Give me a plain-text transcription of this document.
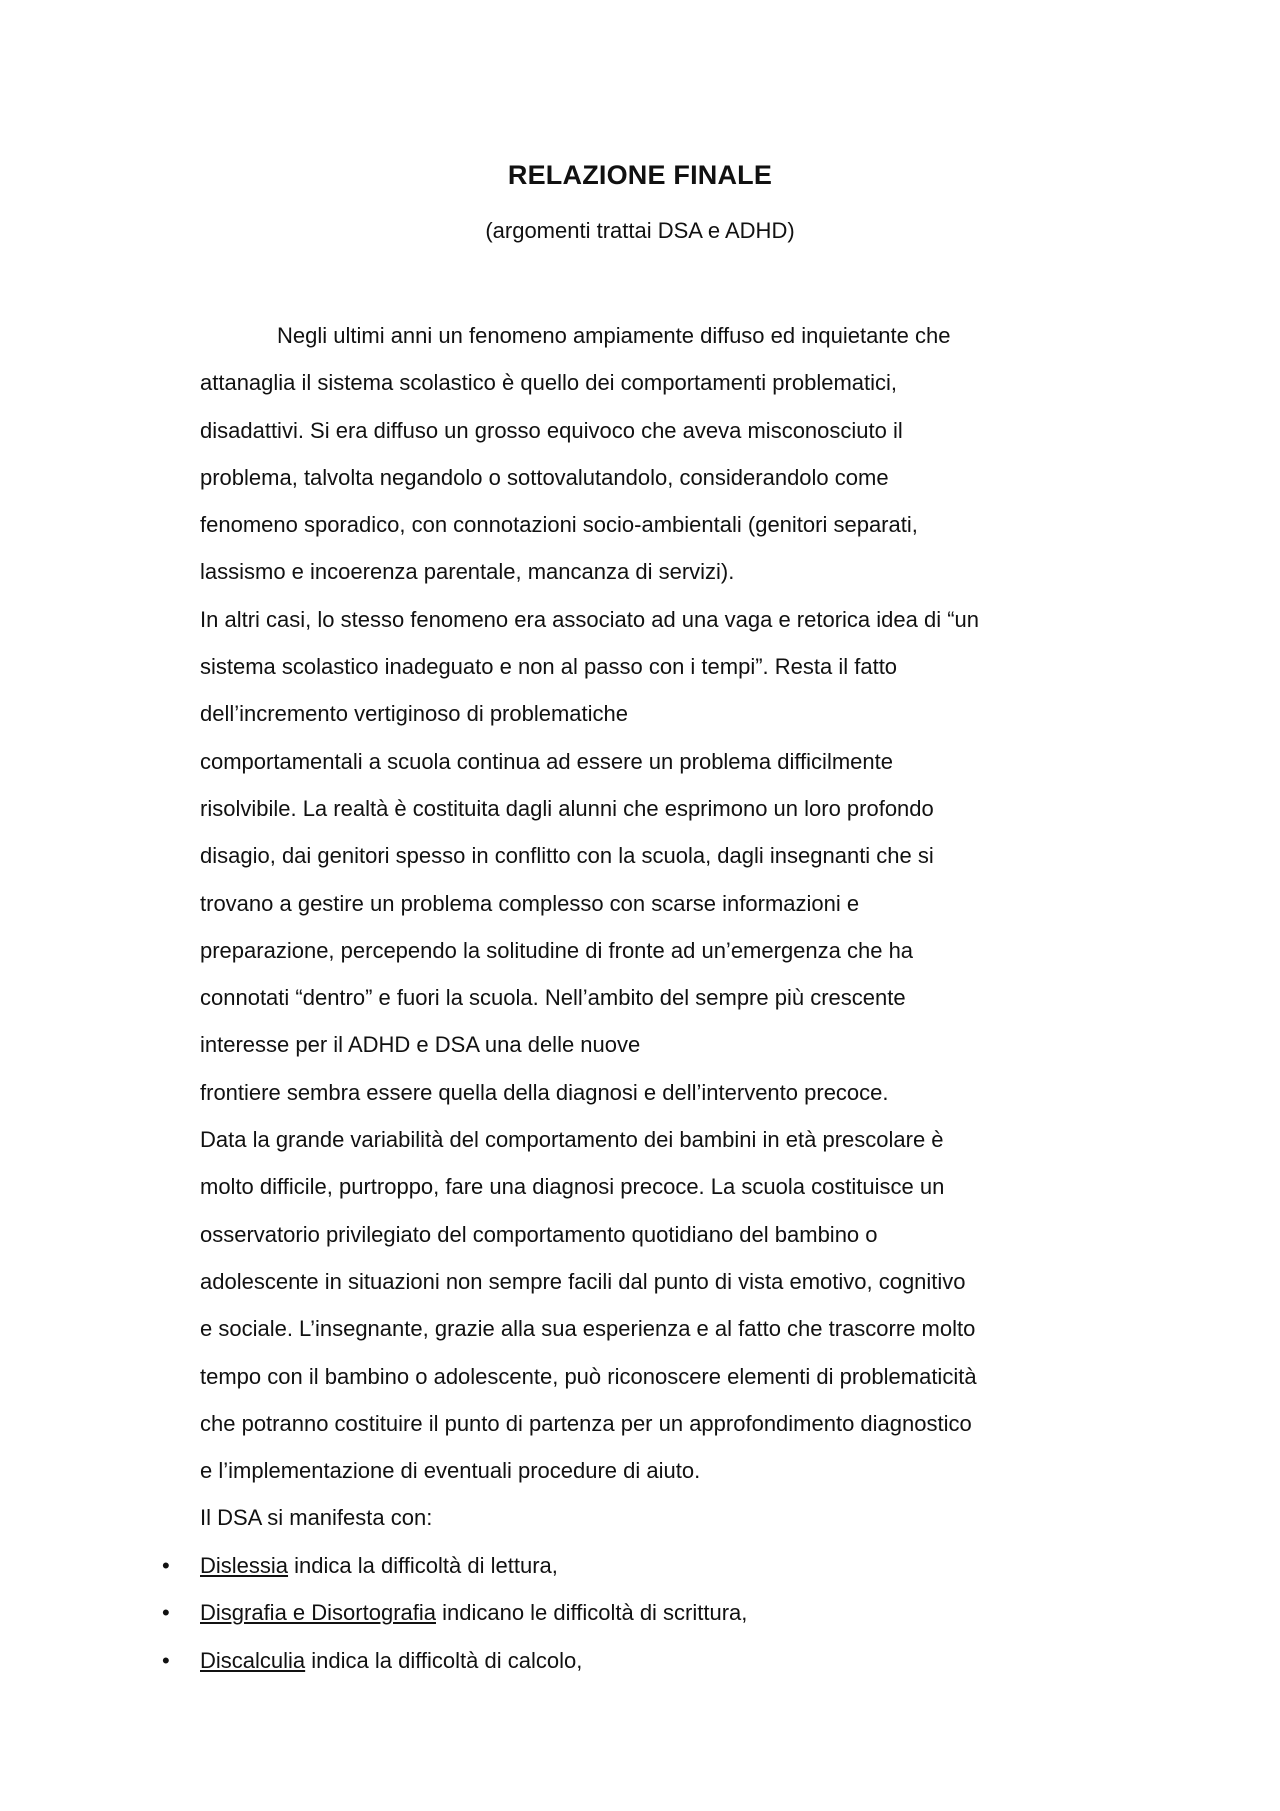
RELAZIONE FINALE
(argomenti trattai DSA e ADHD)
Negli ultimi anni un fenomeno ampiamente diffuso ed inquietante che
attanaglia il sistema scolastico è quello dei comportamenti problematici,
disadattivi. Si era diffuso un grosso equivoco che aveva misconosciuto il
problema, talvolta negandolo o sottovalutandolo, considerandolo come
fenomeno sporadico, con connotazioni socio-ambientali (genitori separati,
lassismo e incoerenza parentale, mancanza di servizi).
In altri casi, lo stesso fenomeno era associato ad una vaga e retorica idea di “un
sistema scolastico inadeguato e non al passo con i tempi”. Resta il fatto
dell’incremento vertiginoso di problematiche
comportamentali a scuola continua ad essere un problema difficilmente
risolvibile. La realtà è costituita dagli alunni che esprimono un loro profondo
disagio, dai genitori spesso in conflitto con la scuola, dagli insegnanti che si
trovano a gestire un problema complesso con scarse informazioni e
preparazione, percependo la solitudine di fronte ad un’emergenza che ha
connotati “dentro” e fuori la scuola. Nell’ambito del sempre più crescente
interesse per il ADHD e DSA una delle nuove
frontiere sembra essere quella della diagnosi e dell’intervento precoce.
Data la grande variabilità del comportamento dei bambini in età prescolare è
molto difficile, purtroppo, fare una diagnosi precoce. La scuola costituisce un
osservatorio privilegiato del comportamento quotidiano del bambino o
adolescente in situazioni non sempre facili dal punto di vista emotivo, cognitivo
e sociale. L’insegnante, grazie alla sua esperienza e al fatto che trascorre molto
tempo con il bambino o adolescente, può riconoscere elementi di problematicità
che potranno costituire il punto di partenza per un approfondimento diagnostico
e l’implementazione di eventuali procedure di aiuto.
Il DSA si manifesta con:
• Dislessia indica la difficoltà di lettura,
• Disgrafia e Disortografia indicano le difficoltà di scrittura,
• Discalculia indica la difficoltà di calcolo,
